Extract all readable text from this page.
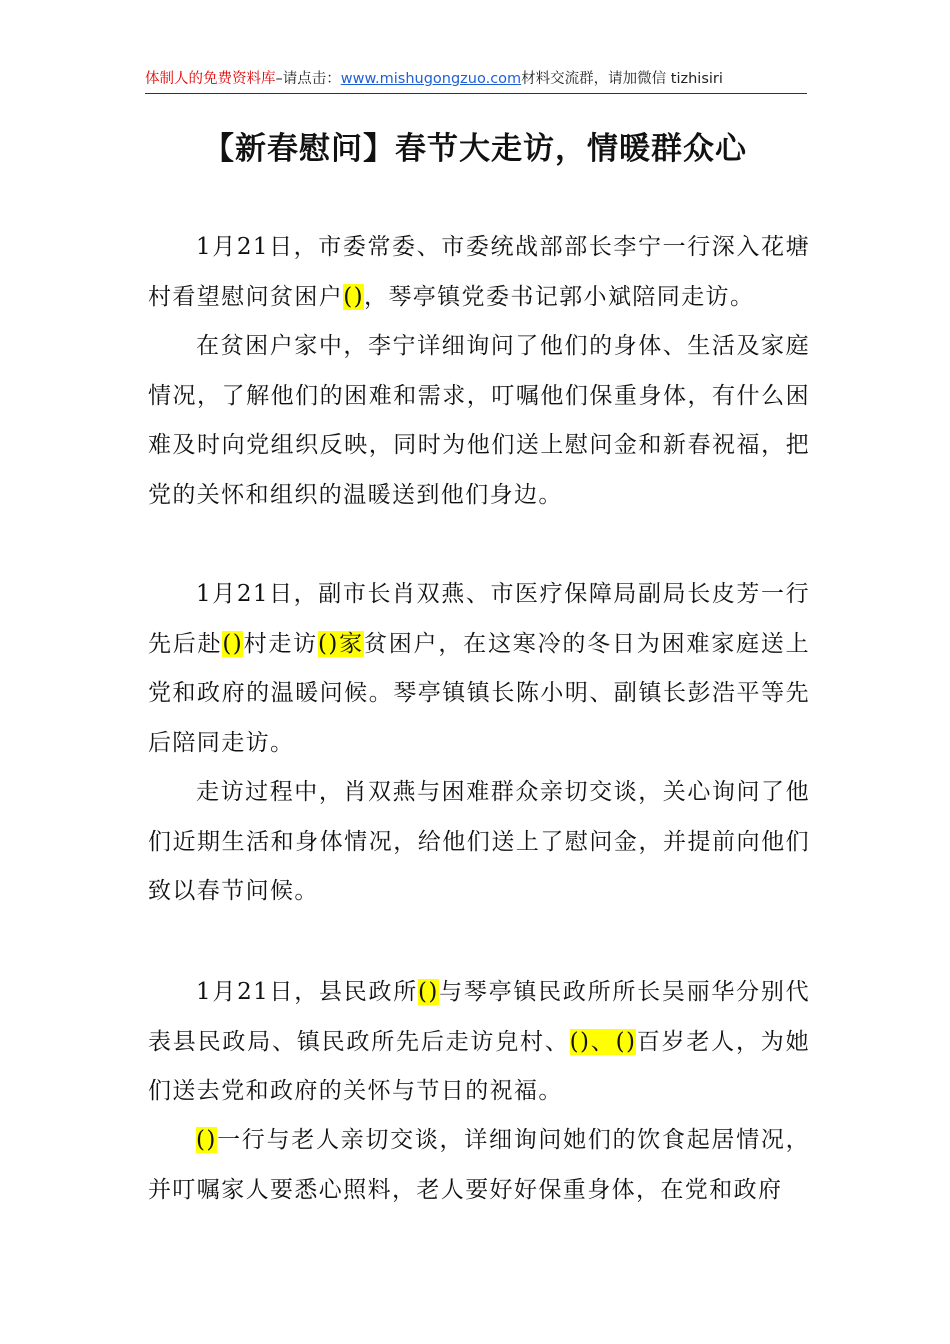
体制人的免费资料库–请点击：www.mishugongzuo.com材料交流群，请加微信 tizhisiri
【新春慰问】春节大走访，情暖群众心

1月21日，市委常委、市委统战部部长李宁一行深入花塘村看望慰问贫困户()，琴亭镇党委书记郭小斌陪同走访。

在贫困户家中，李宁详细询问了他们的身体、生活及家庭情况，了解他们的困难和需求，叮嘱他们保重身体，有什么困难及时向党组织反映，同时为他们送上慰问金和新春祝福，把党的关怀和组织的温暖送到他们身边。

1月21日，副市长肖双燕、市医疗保障局副局长皮芳一行先后赴()村走访()家贫困户，在这寒冷的冬日为困难家庭送上党和政府的温暖问候。琴亭镇镇长陈小明、副镇长彭浩平等先后陪同走访。

走访过程中，肖双燕与困难群众亲切交谈，关心询问了他们近期生活和身体情况，给他们送上了慰问金，并提前向他们致以春节问候。

1月21日，县民政所()与琴亭镇民政所所长吴丽华分别代表县民政局、镇民政所先后走访皃村、()、()百岁老人，为她们送去党和政府的关怀与节日的祝福。

()一行与老人亲切交谈，详细询问她们的饮食起居情况，并叮嘱家人要悉心照料，老人要好好保重身体，在党和政府
